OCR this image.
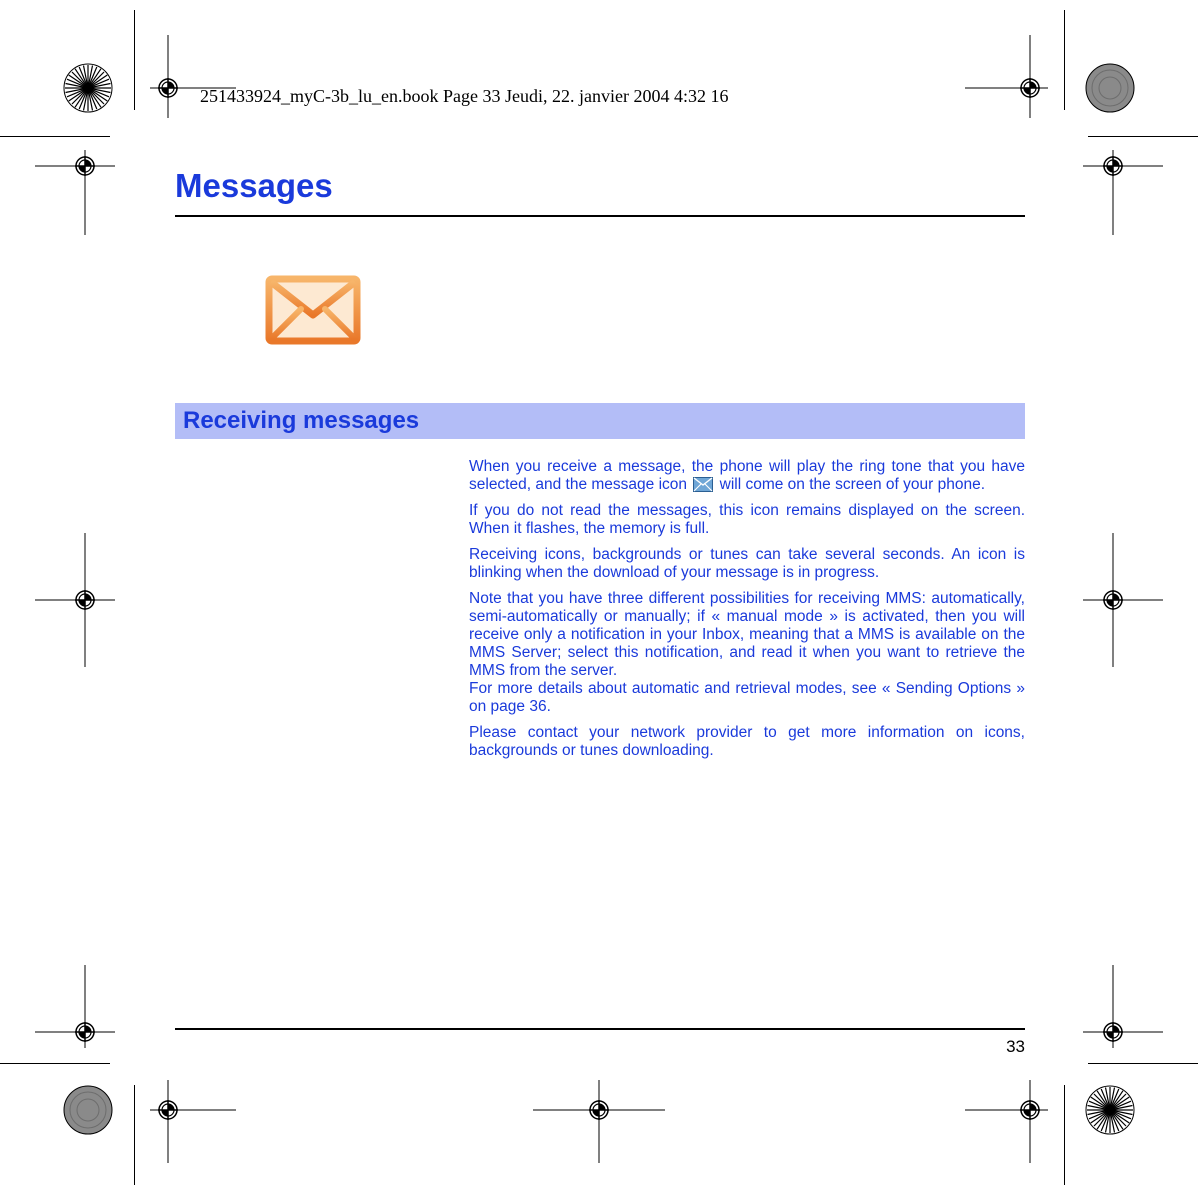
251433924_myC-3b_lu_en.book Page 33 Jeudi, 22. janvier 2004 4:32 16
Messages
Receiving messages

When you receive a message, the phone will play the ring tone that you have selected, and the message icon will come on the screen of your phone.

If you do not read the messages, this icon remains displayed on the screen. When it flashes, the memory is full.

Receiving icons, backgrounds or tunes can take several seconds. An icon is blinking when the download of your message is in progress.

Note that you have three different possibilities for receiving MMS: automatically, semi-automatically or manually; if « manual mode » is activated, then you will receive only a notification in your Inbox, meaning that a MMS is available on the MMS Server; select this notification, and read it when you want to retrieve the MMS from the server.

For more details about automatic and retrieval modes, see « Sending Options » on page 36.

Please contact your network provider to get more information on icons, backgrounds or tunes downloading.

33
